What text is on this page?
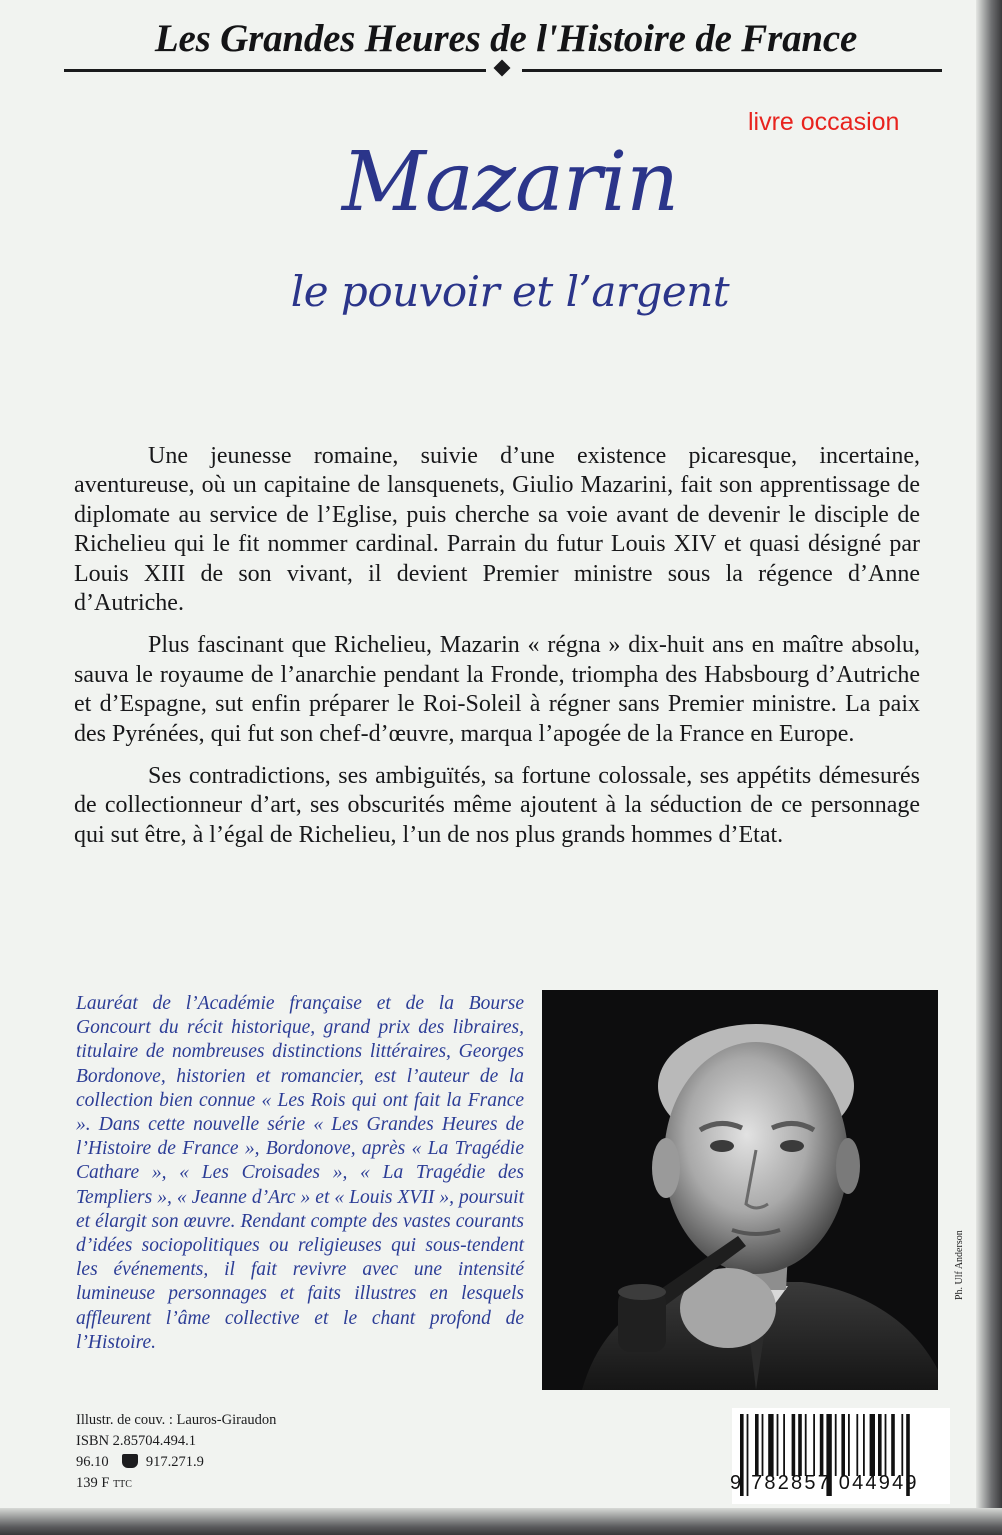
Les Grandes Heures de l'Histoire de France
livre occasion
Mazarin
le pouvoir et l’argent

Une jeunesse romaine, suivie d’une existence picaresque, incertaine, aventureuse, où un capitaine de lansquenets, Giulio Mazarini, fait son apprentissage de diplomate au service de l’Eglise, puis cherche sa voie avant de devenir le disciple de Richelieu qui le fit nommer cardinal. Parrain du futur Louis XIV et quasi désigné par Louis XIII de son vivant, il devient Premier ministre sous la régence d’Anne d’Autriche.

Plus fascinant que Richelieu, Mazarin « régna » dix-huit ans en maître absolu, sauva le royaume de l’anarchie pendant la Fronde, triompha des Habsbourg d’Autriche et d’Espagne, sut enfin préparer le Roi-Soleil à régner sans Premier ministre. La paix des Pyrénées, qui fut son chef-d’œuvre, marqua l’apogée de la France en Europe.

Ses contradictions, ses ambiguïtés, sa fortune colossale, ses appétits démesurés de collectionneur d’art, ses obscurités même ajoutent à la séduction de ce personnage qui sut être, à l’égal de Richelieu, l’un de nos plus grands hommes d’Etat.

Lauréat de l’Académie française et de la Bourse Goncourt du récit historique, grand prix des libraires, titulaire de nombreuses distinctions littéraires, Georges Bordonove, historien et romancier, est l’auteur de la collection bien connue « Les Rois qui ont fait la France ». Dans cette nouvelle série « Les Grandes Heures de l’Histoire de France », Bordonove, après « La Tragédie Cathare », « Les Croisades », « La Tragédie des Templiers », « Jeanne d’Arc » et « Louis XVII », poursuit et élargit son œuvre. Rendant compte des vastes courants d’idées sociopolitiques ou religieuses qui sous-tendent les événements, il fait revivre avec une intensité lumineuse personnages et faits illustres en lesquels affleurent l’âme collective et le chant profond de l’Histoire.
Ph. Ulf Anderson
Illustr. de couv. : Lauros-Giraudon
ISBN 2.85704.494.1
96.10	917.271.9
139 F TTC	9 782857 044949
